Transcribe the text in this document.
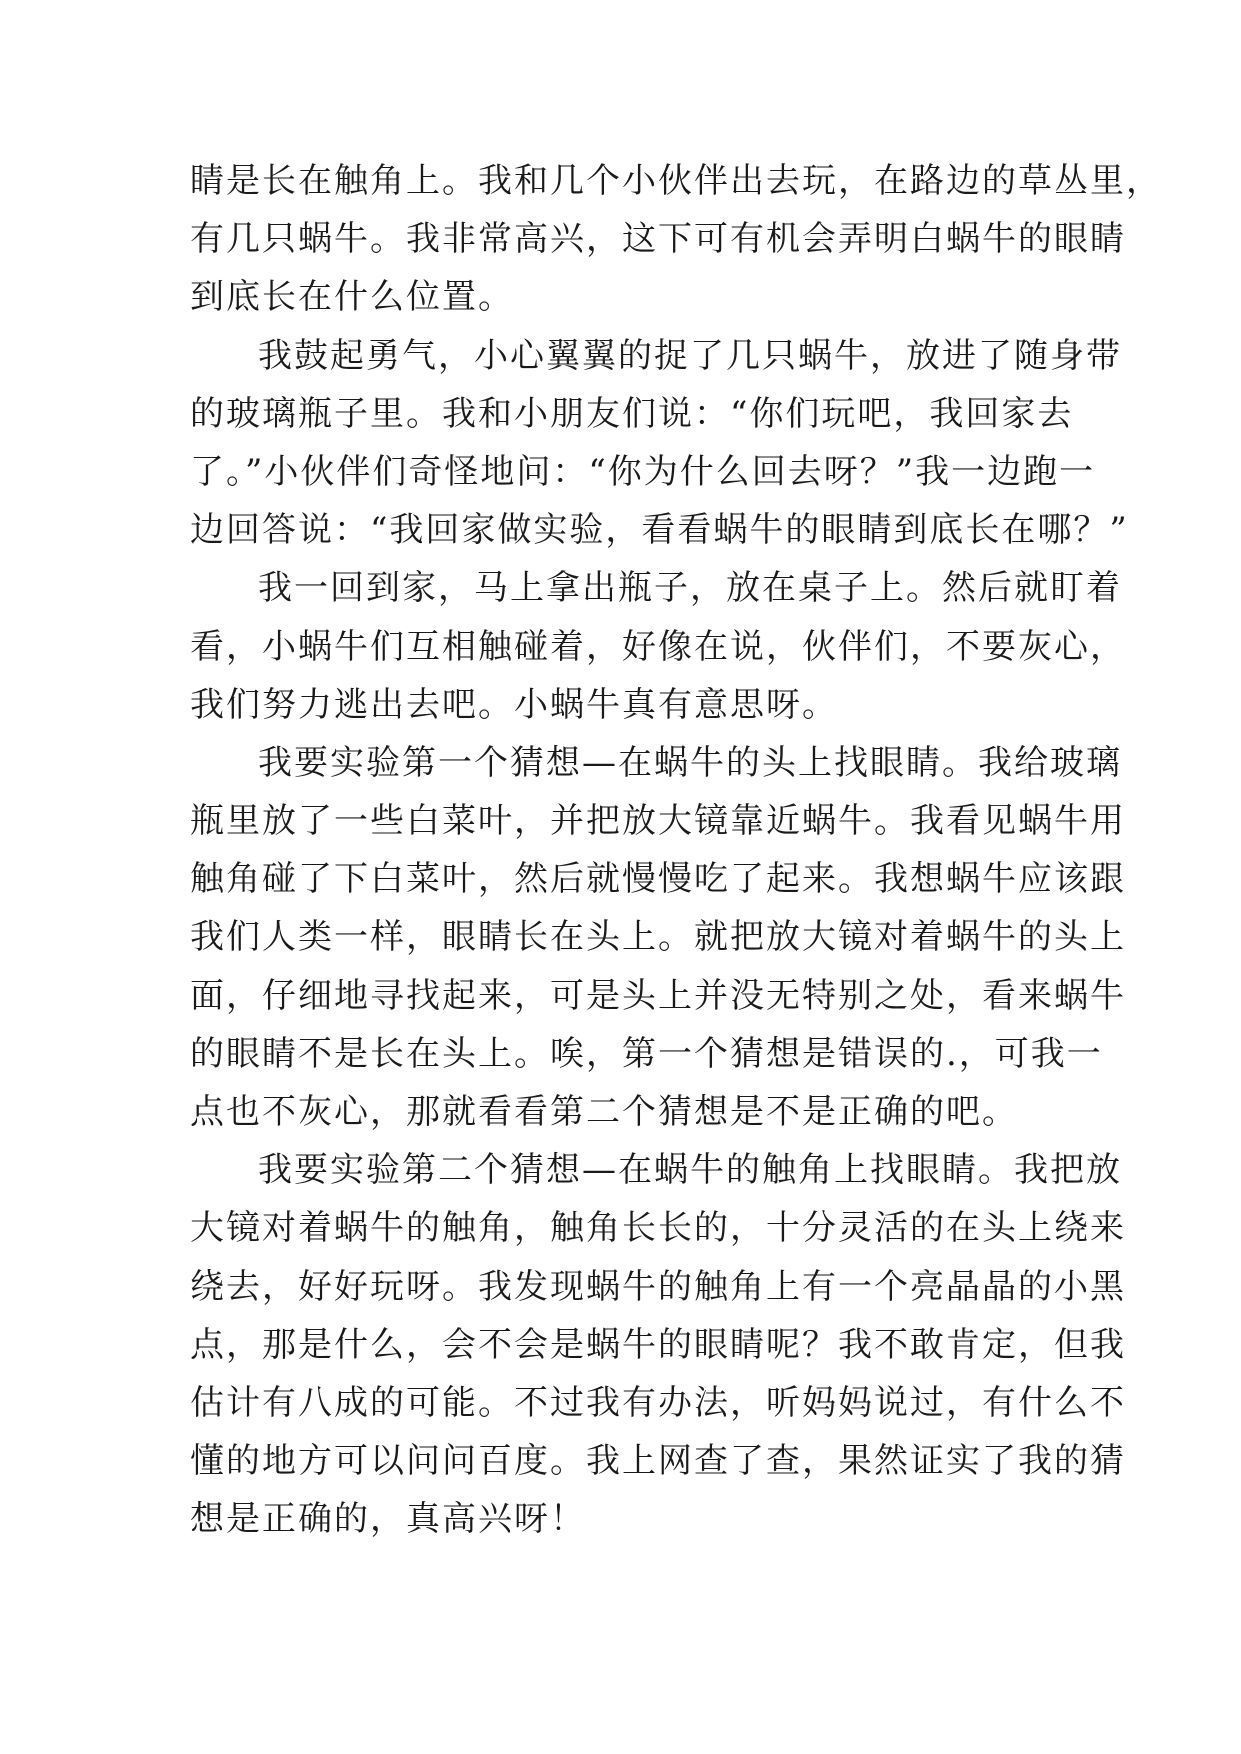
睛是长在触角上。我和几个小伙伴出去玩，在路边的草丛里，
有几只蜗牛。我非常高兴，这下可有机会弄明白蜗牛的眼睛
到底长在什么位置。
我鼓起勇气，小心翼翼的捉了几只蜗牛，放进了随身带
的玻璃瓶子里。我和小朋友们说：“你们玩吧，我回家去
了。”小伙伴们奇怪地问：“你为什么回去呀？”我一边跑一
边回答说：“我回家做实验，看看蜗牛的眼睛到底长在哪？”
我一回到家，马上拿出瓶子，放在桌子上。然后就盯着
看，小蜗牛们互相触碰着，好像在说，伙伴们，不要灰心，
我们努力逃出去吧。小蜗牛真有意思呀。
我要实验第一个猜想—在蜗牛的头上找眼睛。我给玻璃
瓶里放了一些白菜叶，并把放大镜靠近蜗牛。我看见蜗牛用
触角碰了下白菜叶，然后就慢慢吃了起来。我想蜗牛应该跟
我们人类一样，眼睛长在头上。就把放大镜对着蜗牛的头上
面，仔细地寻找起来，可是头上并没无特别之处，看来蜗牛
的眼睛不是长在头上。唉，第一个猜想是错误的.，可我一
点也不灰心，那就看看第二个猜想是不是正确的吧。
我要实验第二个猜想—在蜗牛的触角上找眼睛。我把放
大镜对着蜗牛的触角，触角长长的，十分灵活的在头上绕来
绕去，好好玩呀。我发现蜗牛的触角上有一个亮晶晶的小黑
点，那是什么，会不会是蜗牛的眼睛呢？我不敢肯定，但我
估计有八成的可能。不过我有办法，听妈妈说过，有什么不
懂的地方可以问问百度。我上网查了查，果然证实了我的猜
想是正确的，真高兴呀！
